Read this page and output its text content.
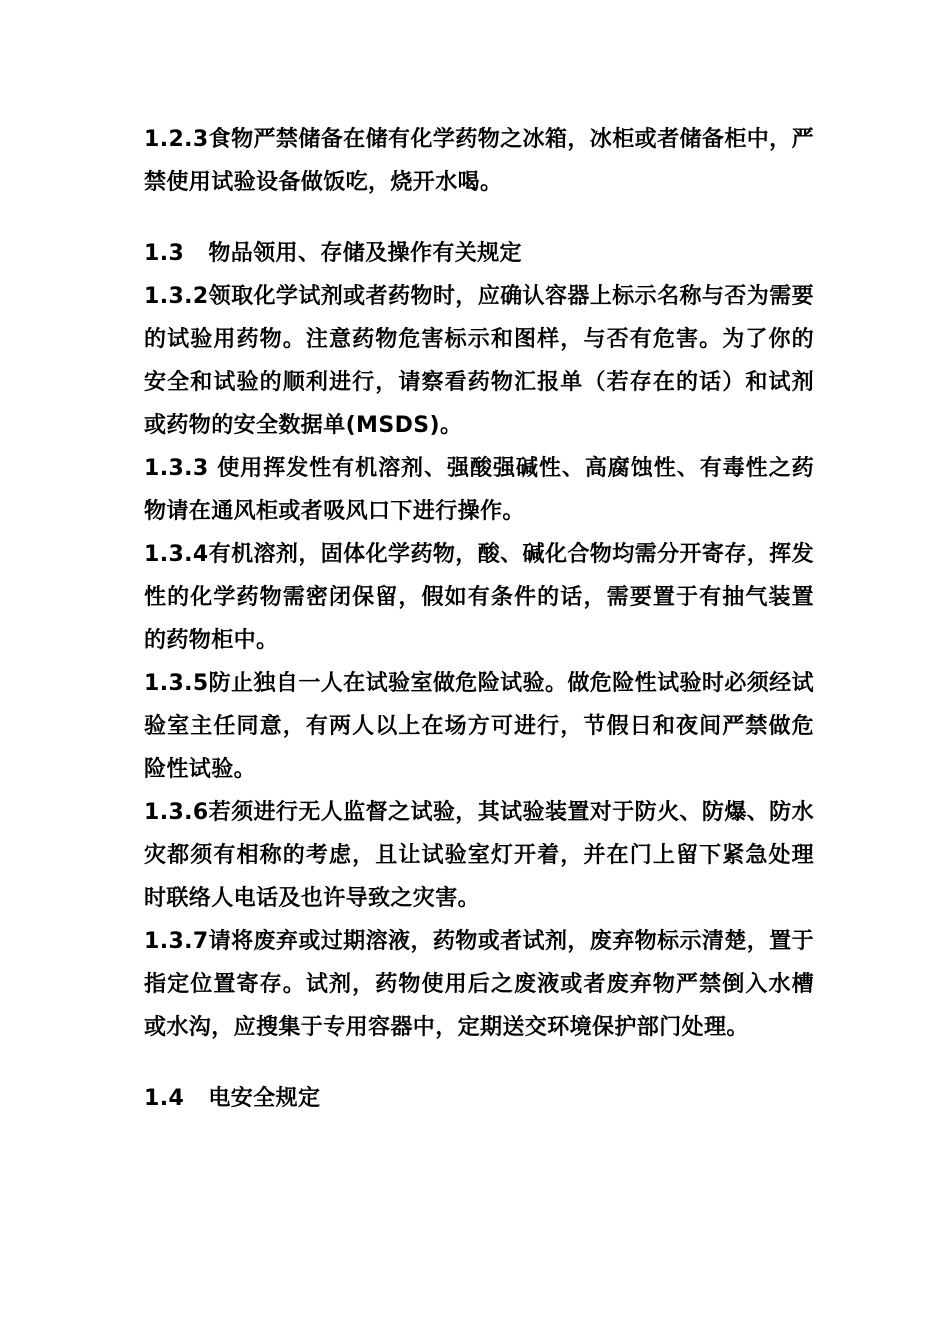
1.2.3食物严禁储备在储有化学药物之冰箱，冰柜或者储备柜中，严禁使用试验设备做饭吃，烧开水喝。

1.3   物品领用、存储及操作有关规定

1.3.2领取化学试剂或者药物时，应确认容器上标示名称与否为需要的试验用药物。注意药物危害标示和图样，与否有危害。为了你的安全和试验的顺利进行，请察看药物汇报单（若存在的话）和试剂或药物的安全数据单(MSDS)。

1.3.3 使用挥发性有机溶剂、强酸强碱性、高腐蚀性、有毒性之药物请在通风柜或者吸风口下进行操作。

1.3.4有机溶剂，固体化学药物，酸、碱化合物均需分开寄存，挥发性的化学药物需密闭保留，假如有条件的话，需要置于有抽气装置的药物柜中。

1.3.5防止独自一人在试验室做危险试验。做危险性试验时必须经试验室主任同意，有两人以上在场方可进行，节假日和夜间严禁做危险性试验。

1.3.6若须进行无人监督之试验，其试验装置对于防火、防爆、防水灾都须有相称的考虑，且让试验室灯开着，并在门上留下紧急处理时联络人电话及也许导致之灾害。

1.3.7请将废弃或过期溶液，药物或者试剂，废弃物标示清楚，置于指定位置寄存。试剂，药物使用后之废液或者废弃物严禁倒入水槽或水沟，应搜集于专用容器中，定期送交环境保护部门处理。

1.4   电安全规定
